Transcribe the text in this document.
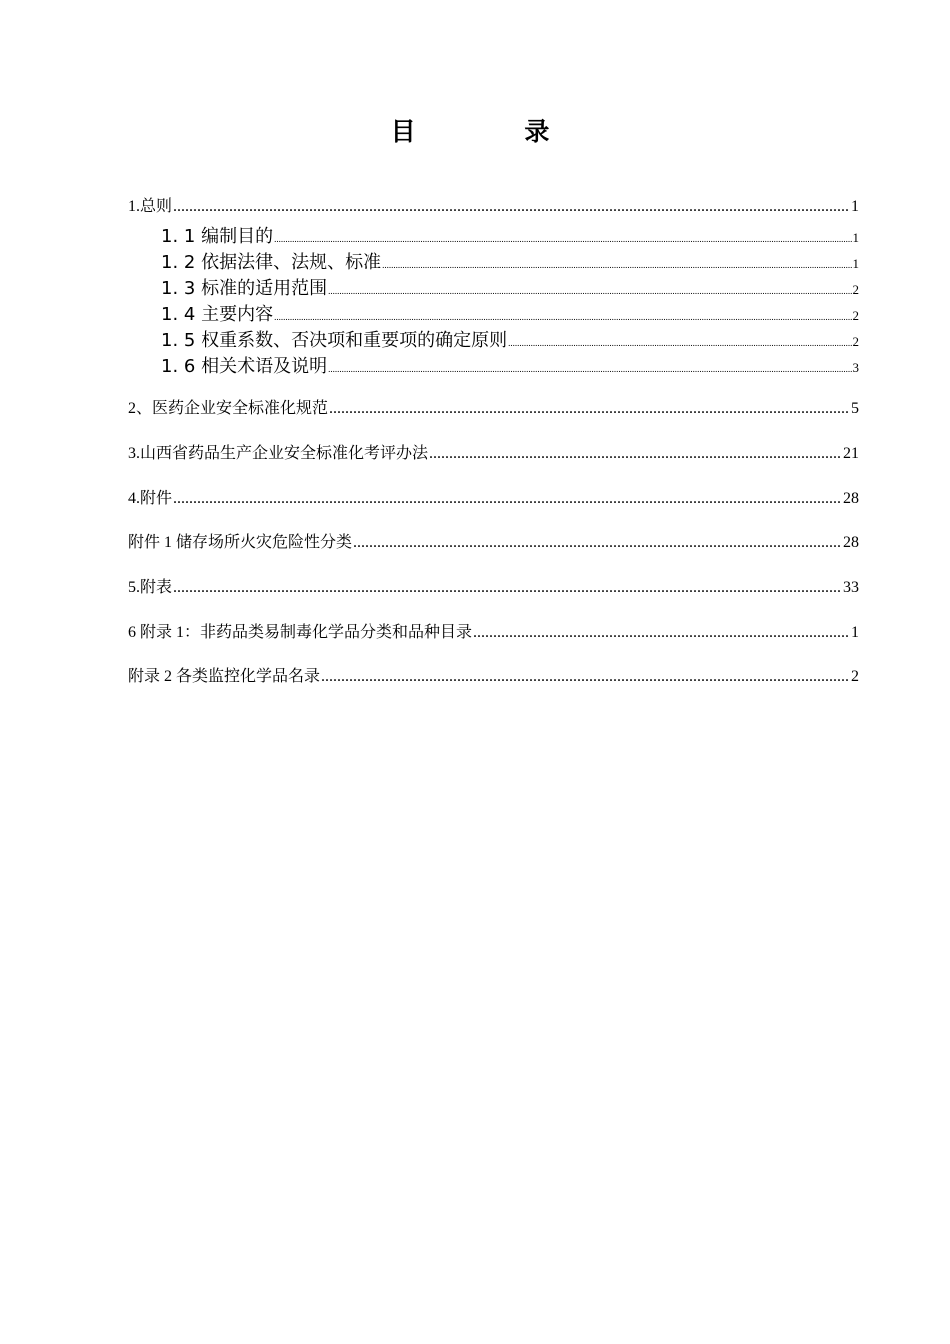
目 录
1.总则 .....	1
1. 1 编制目的 .....	1
1. 2 依据法律、法规、标准 .....	1
1. 3 标准的适用范围 .....	2
1. 4 主要内容 .....	2
1. 5 权重系数、否决项和重要项的确定原则 .....	2
1. 6 相关术语及说明 .....	3
2、医药企业安全标准化规范 .....	5
3.山西省药品生产企业安全标准化考评办法 .....	21
4.附件 .....	28
附件 1 储存场所火灾危险性分类 .....	28
5.附表 .....	33
6 附录 1：非药品类易制毒化学品分类和品种目录 .....	1
附录 2 各类监控化学品名录 .....	2
